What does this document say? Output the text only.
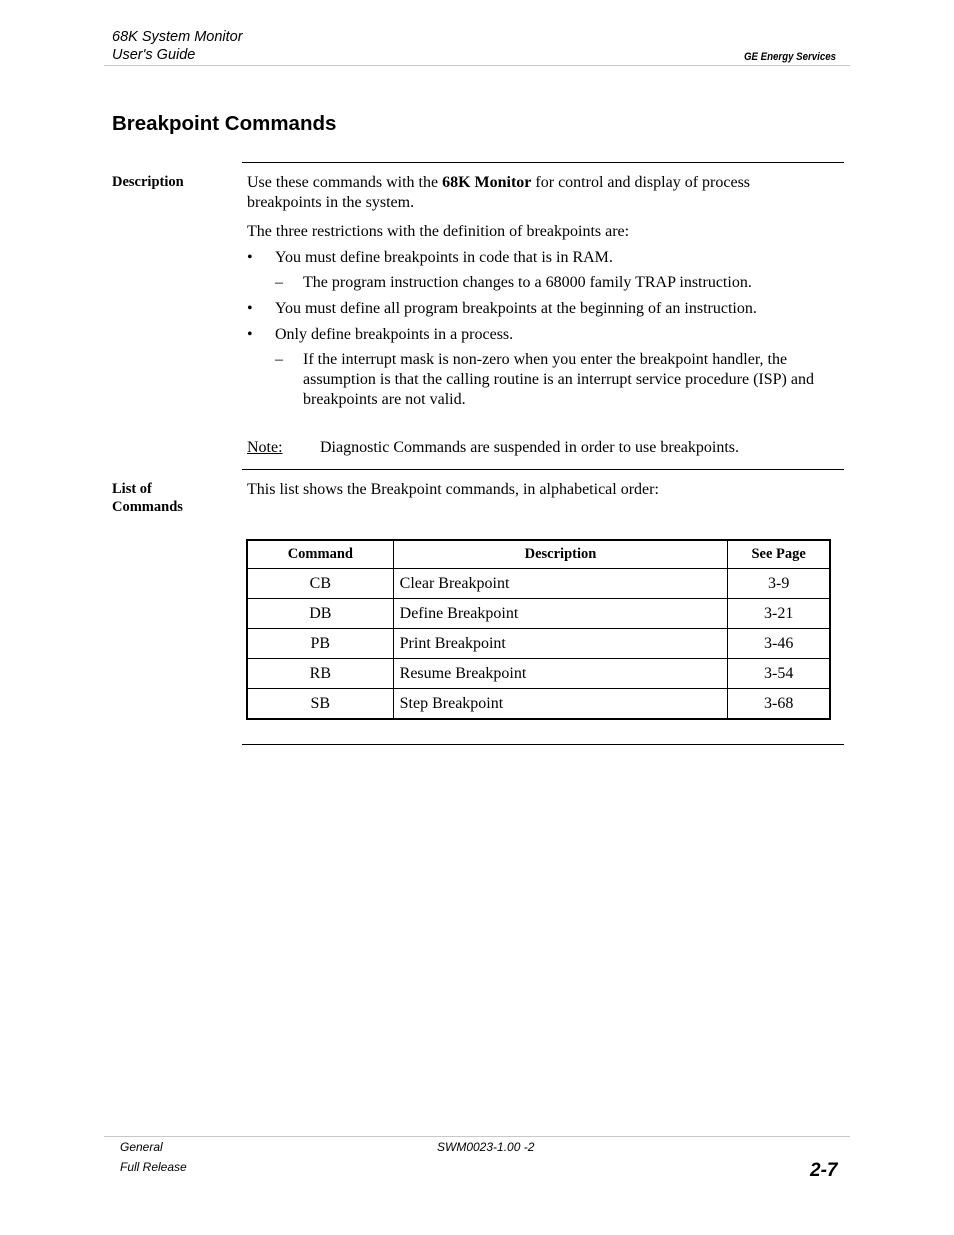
68K System Monitor
User's Guide	GE Energy Services
Breakpoint Commands
Description	Use these commands with the 68K Monitor for control and display of process breakpoints in the system.
The three restrictions with the definition of breakpoints are:
• You must define breakpoints in code that is in RAM.
– The program instruction changes to a 68000 family TRAP instruction.
• You must define all program breakpoints at the beginning of an instruction.
• Only define breakpoints in a process.
– If the interrupt mask is non-zero when you enter the breakpoint handler, the assumption is that the calling routine is an interrupt service procedure (ISP) and breakpoints are not valid.
Note: Diagnostic Commands are suspended in order to use breakpoints.
List of
Commands
This list shows the Breakpoint commands, in alphabetical order:
Command	Description	See Page
CB	Clear Breakpoint	3-9
DB	Define Breakpoint	3-21
PB	Print Breakpoint	3-46
RB	Resume Breakpoint	3-54
SB	Step Breakpoint	3-68
General
Full Release
SWM0023-1.00 -2
2-7
